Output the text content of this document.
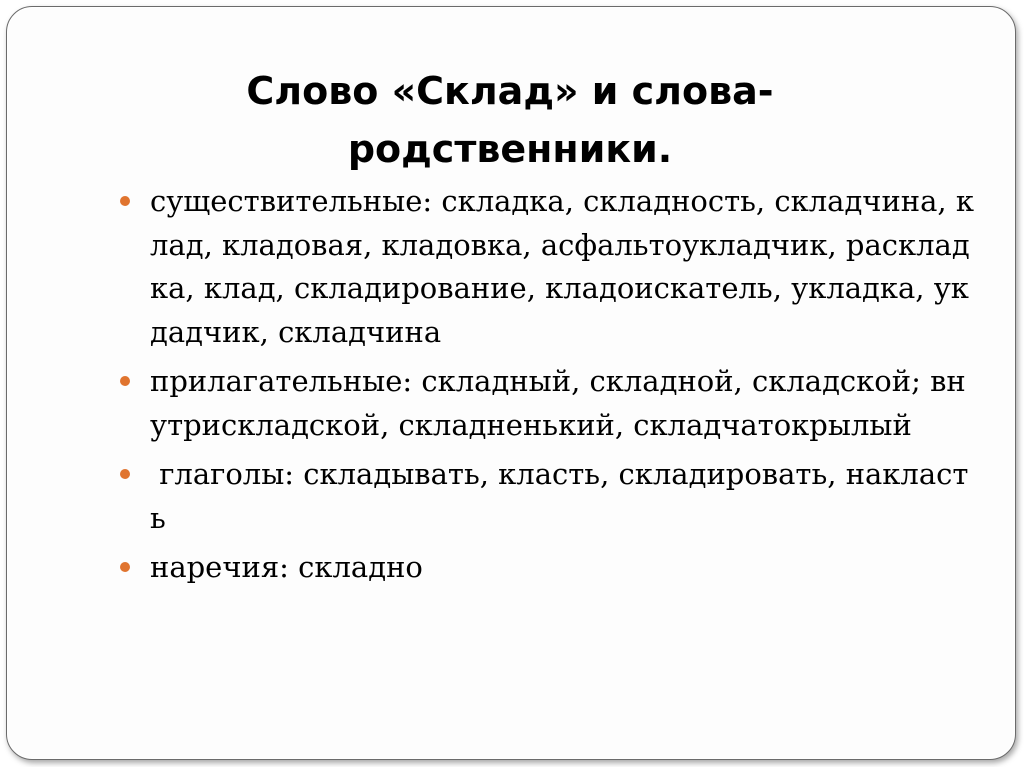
Слово «Склад» и слова-
родственники.
существительные: складка, складность, складчина, клад, кладовая, кладовка, асфальтоукладчик, раскладка, клад, складирование, кладоискатель, укладка, укдадчик, складчина
прилагательные: складный, складной, складской; внутрискладской, складненький, складчатокрылый
глаголы: складывать, класть, складировать, накласть
наречия: складно
